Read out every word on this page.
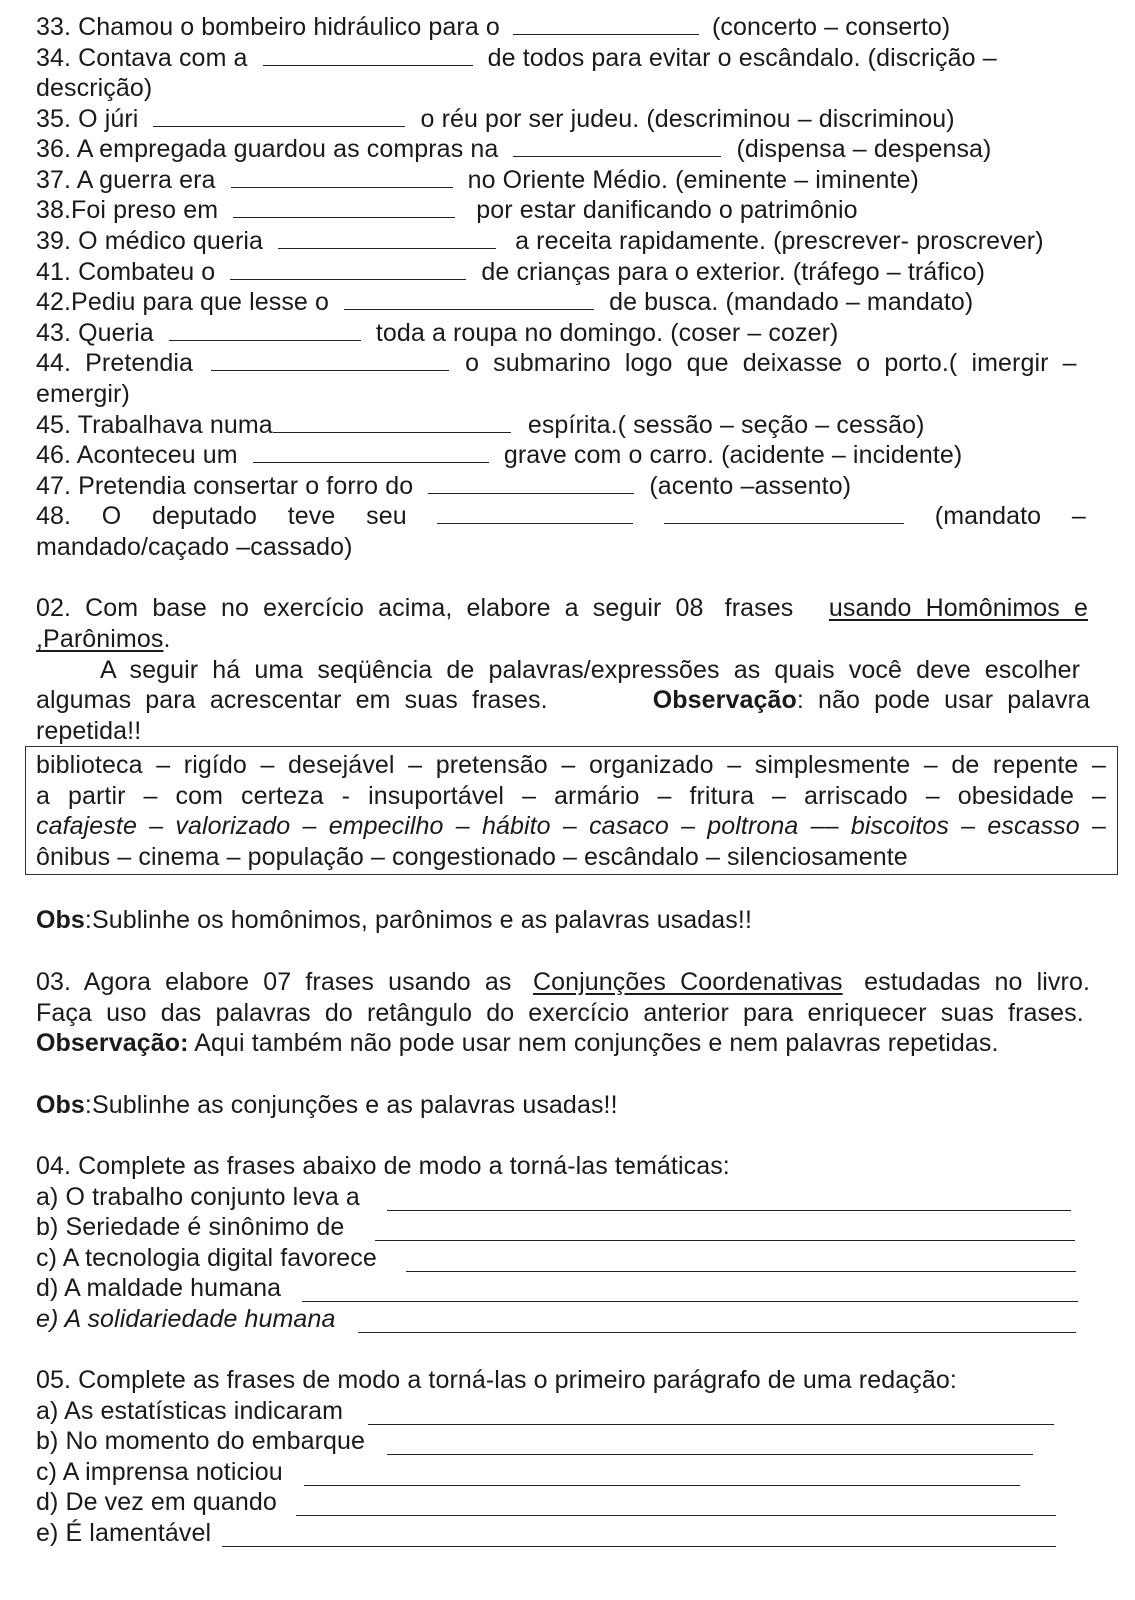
33. Chamou o bombeiro hidráulico para o	(concerto – conserto)
34. Contava com a	de todos para evitar o escândalo. (discrição –
descrição)
35. O júri	o réu por ser judeu. (descriminou – discriminou)
36. A empregada guardou as compras na	(dispensa – despensa)
37. A guerra era	no Oriente Médio. (eminente – iminente)
38.Foi preso em	por estar danificando o patrimônio
39. O médico queria	a receita rapidamente. (prescrever- proscrever)
41. Combateu o	de crianças para o exterior. (tráfego – tráfico)
42.Pediu para que lesse o	de busca. (mandado – mandato)
43. Queria	toda a roupa no domingo. (coser – cozer)
44.  Pretendia	o  submarino  logo  que  deixasse  o  porto.(  imergir  –
emergir)
45. Trabalhava numa	espírita.( sessão – seção – cessão)
46. Aconteceu um	grave com o carro. (acidente – incidente)
47. Pretendia consertar o forro do	(acento –assento)
48. O deputado teve seu	(mandato –
mandado/caçado –cassado)
02.  Com  base  no  exercício  acima,  elabore  a  seguir  08   frases usando  Homônimos  e
,Parônimos.
A  seguir  há  uma  seqüência  de  palavras/expressões  as  quais  você  deve  escolher
algumas  para  acrescentar  em  suas  frases.	Observação:  não  pode  usar  palavra
repetida!!
biblioteca – rigído – desejável – pretensão – organizado – simplesmente – de repente –
a partir – com certeza - insuportável – armário – fritura – arriscado – obesidade –
cafajeste – valorizado – empecilho – hábito – casaco – poltrona –– biscoitos – escasso –
ônibus – cinema – população – congestionado – escândalo – silenciosamente
Obs:Sublinhe os homônimos, parônimos e as palavras usadas!!
03.  Agora  elabore  07  frases  usando  as Conjunções  Coordenativas estudadas  no  livro.
Faça  uso  das  palavras  do  retângulo  do  exercício  anterior  para  enriquecer  suas  frases.
Observação: Aqui também não pode usar nem conjunções e nem palavras repetidas.
Obs:Sublinhe as conjunções e as palavras usadas!!
04. Complete as frases abaixo de modo a torná-las temáticas:
a) O trabalho conjunto leva a
b) Seriedade é sinônimo de
c) A tecnologia digital favorece
d) A maldade humana
e) A solidariedade humana
05. Complete as frases de modo a torná-las o primeiro parágrafo de uma redação:
a) As estatísticas indicaram
b) No momento do embarque
c) A imprensa noticiou
d) De vez em quando
e) É lamentável
